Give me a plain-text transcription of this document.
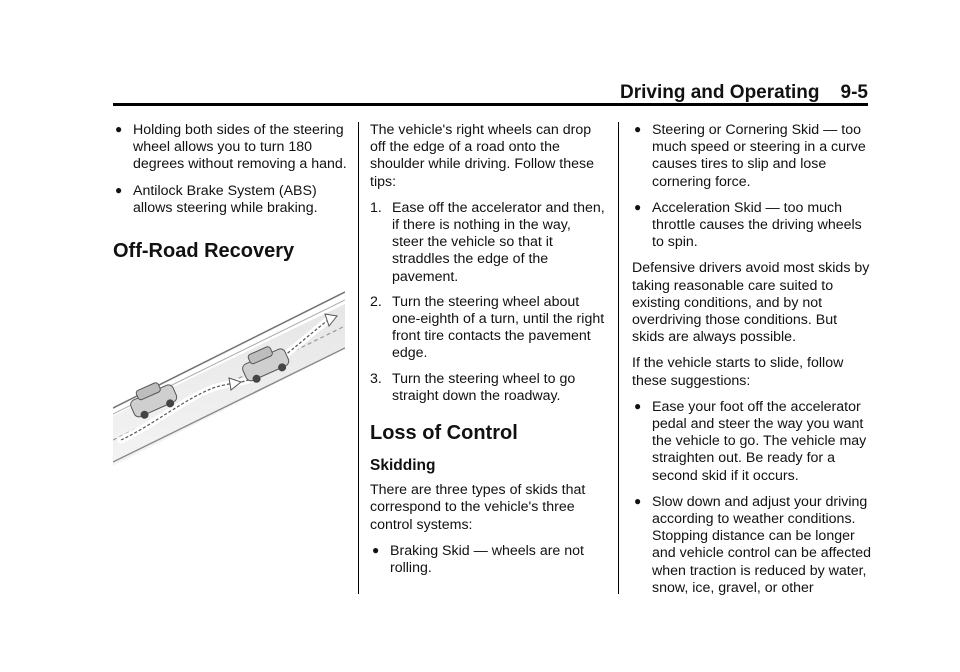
Driving and Operating 9-5
● Holding both sides of the steering wheel allows you to turn 180 degrees without removing a hand.
● Antilock Brake System (ABS) allows steering while braking.
Off-Road Recovery

The vehicle's right wheels can drop off the edge of a road onto the shoulder while driving. Follow these tips:

1. Ease off the accelerator and then, if there is nothing in the way, steer the vehicle so that it straddles the edge of the pavement.
2. Turn the steering wheel about one-eighth of a turn, until the right front tire contacts the pavement edge.
3. Turn the steering wheel to go straight down the roadway.
Loss of Control
Skidding

There are three types of skids that correspond to the vehicle's three control systems:

● Braking Skid — wheels are not rolling.
● Steering or Cornering Skid — too much speed or steering in a curve causes tires to slip and lose cornering force.
● Acceleration Skid — too much throttle causes the driving wheels to spin.

Defensive drivers avoid most skids by taking reasonable care suited to existing conditions, and by not overdriving those conditions. But skids are always possible.

If the vehicle starts to slide, follow these suggestions:

● Ease your foot off the accelerator pedal and steer the way you want the vehicle to go. The vehicle may straighten out. Be ready for a second skid if it occurs.
● Slow down and adjust your driving according to weather conditions. Stopping distance can be longer and vehicle control can be affected when traction is reduced by water, snow, ice, gravel, or other
